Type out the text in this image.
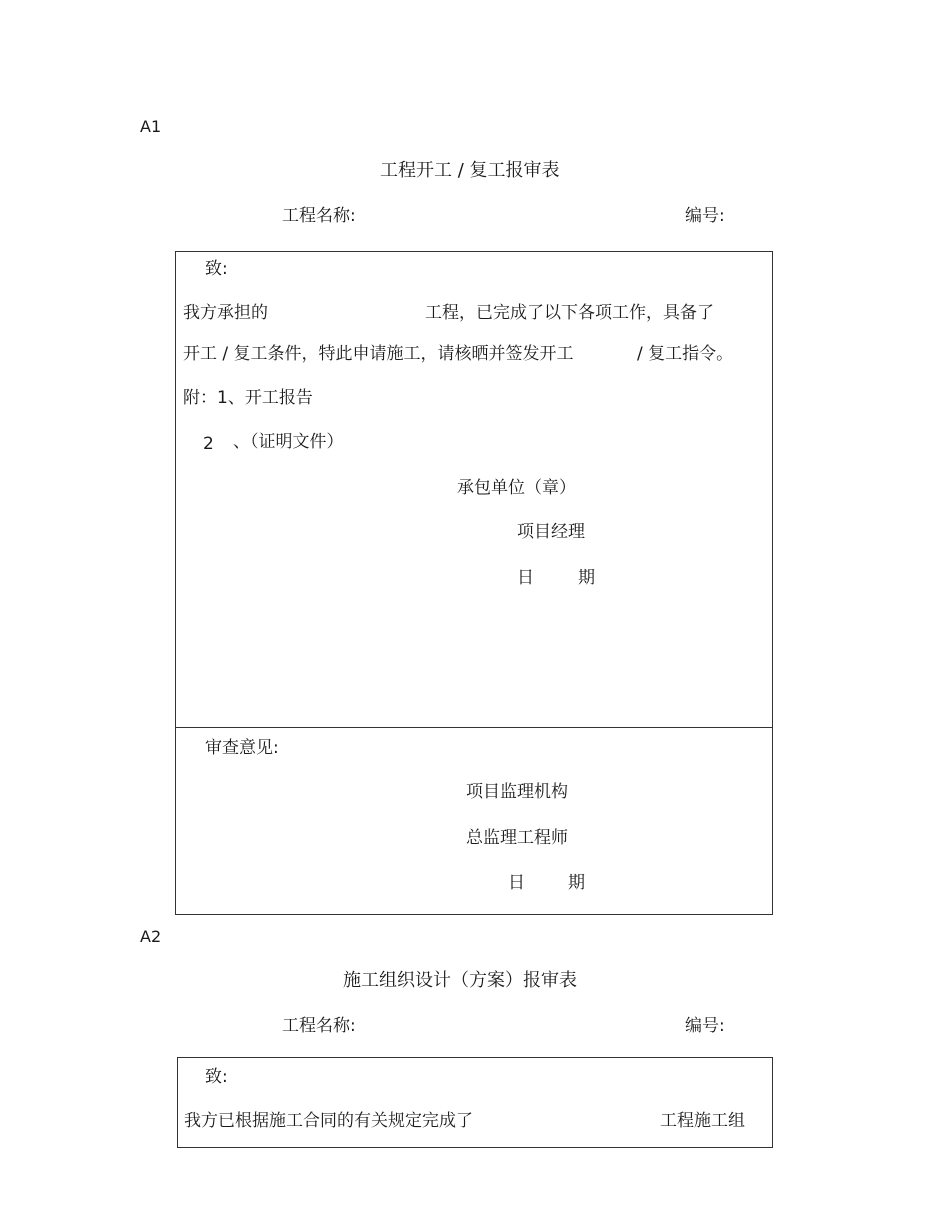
A1
工程开工 / 复工报审表
工程名称:	编号:
致:
我方承担的	工程，已完成了以下各项工作，具备了
开工 / 复工条件，特此申请施工，请核晒并签发开工	/ 复工指令。
附：1、开工报告
2 、（证明文件）
承包单位（章）
项目经理
日	期
审查意见:
项目监理机构
总监理工程师
日	期
A2
施工组织设计（方案）报审表
工程名称:	编号:
致:
我方已根据施工合同的有关规定完成了	工程施工组
